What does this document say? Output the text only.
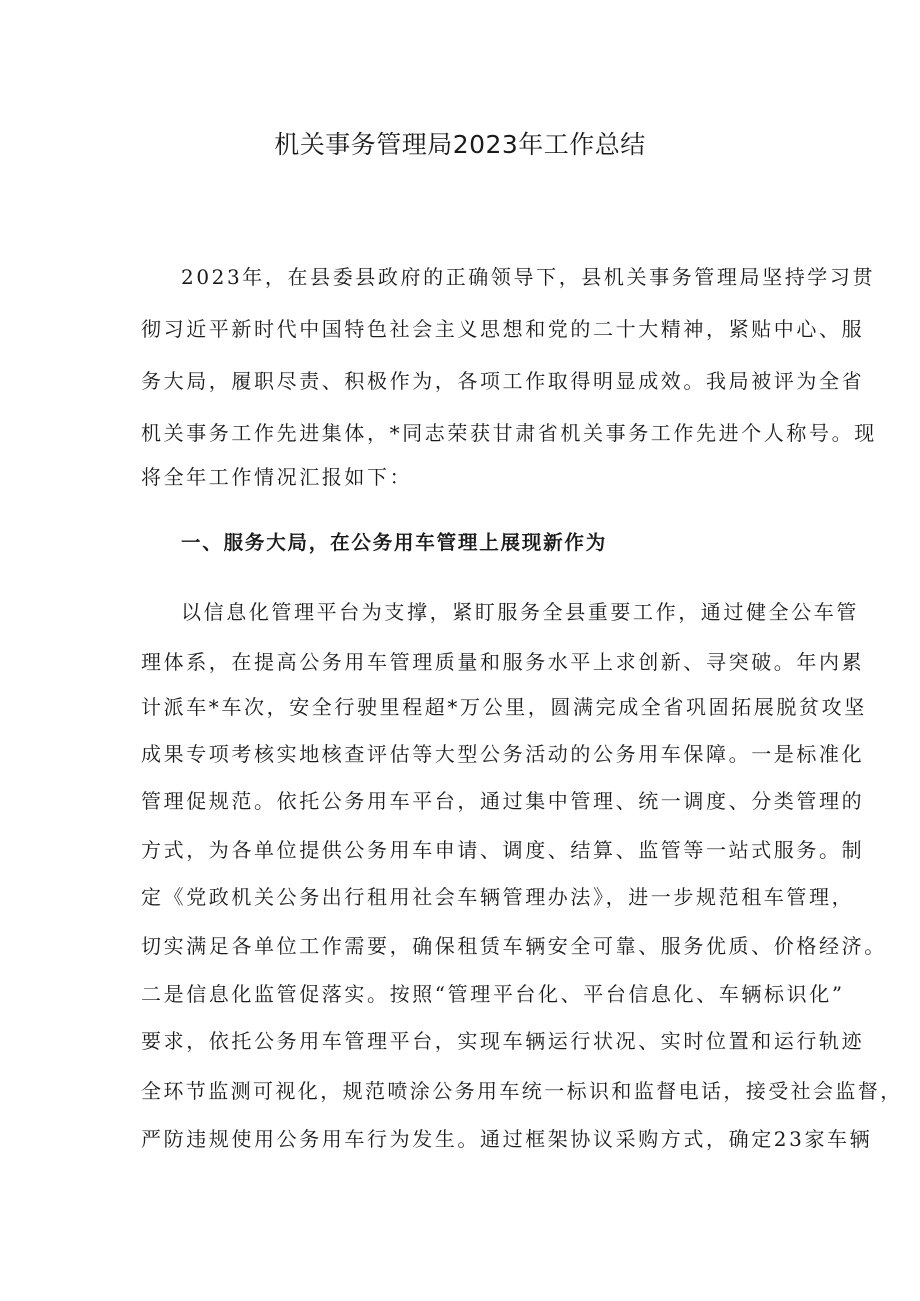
机关事务管理局2023年工作总结
2023年，在县委县政府的正确领导下，县机关事务管理局坚持学习贯
彻习近平新时代中国特色社会主义思想和党的二十大精神，紧贴中心、服
务大局，履职尽责、积极作为，各项工作取得明显成效。我局被评为全省
机关事务工作先进集体，*同志荣获甘肃省机关事务工作先进个人称号。现
将全年工作情况汇报如下：
一、服务大局，在公务用车管理上展现新作为
以信息化管理平台为支撑，紧盯服务全县重要工作，通过健全公车管
理体系，在提高公务用车管理质量和服务水平上求创新、寻突破。年内累
计派车*车次，安全行驶里程超*万公里，圆满完成全省巩固拓展脱贫攻坚
成果专项考核实地核查评估等大型公务活动的公务用车保障。一是标准化
管理促规范。依托公务用车平台，通过集中管理、统一调度、分类管理的
方式，为各单位提供公务用车申请、调度、结算、监管等一站式服务。制
定《党政机关公务出行租用社会车辆管理办法》，进一步规范租车管理，
切实满足各单位工作需要，确保租赁车辆安全可靠、服务优质、价格经济。
二是信息化监管促落实。按照“管理平台化、平台信息化、车辆标识化”
要求，依托公务用车管理平台，实现车辆运行状况、实时位置和运行轨迹
全环节监测可视化，规范喷涂公务用车统一标识和监督电话，接受社会监督，
严防违规使用公务用车行为发生。通过框架协议采购方式，确定23家车辆
